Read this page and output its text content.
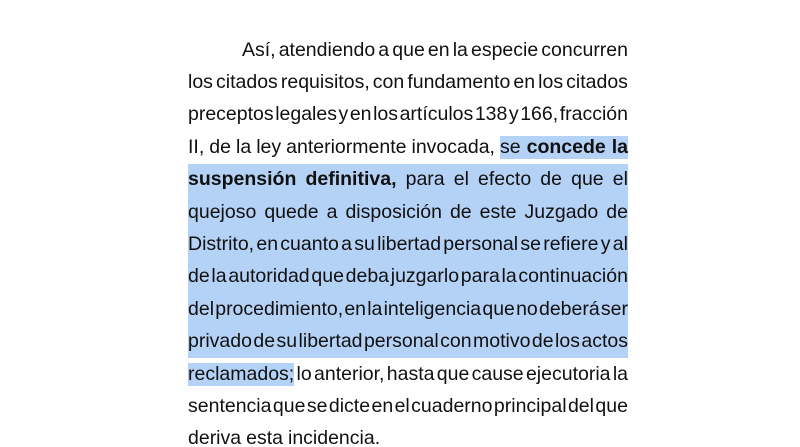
Así, atendiendo a que en la especie concurren
los citados requisitos, con fundamento en los citados
preceptos legales y en los artículos 138 y 166, fracción
II, de la ley anteriormente invocada, se concede la
suspensión definitiva, para el efecto de que el
quejoso quede a disposición de este Juzgado de
Distrito, en cuanto a su libertad personal se refiere y al
de la autoridad que deba juzgarlo para la continuación
del procedimiento, en la inteligencia que no deberá ser
privado de su libertad personal con motivo de los actos
reclamados; lo anterior, hasta que cause ejecutoria la
sentencia que se dicte en el cuaderno principal del que
deriva esta incidencia.
